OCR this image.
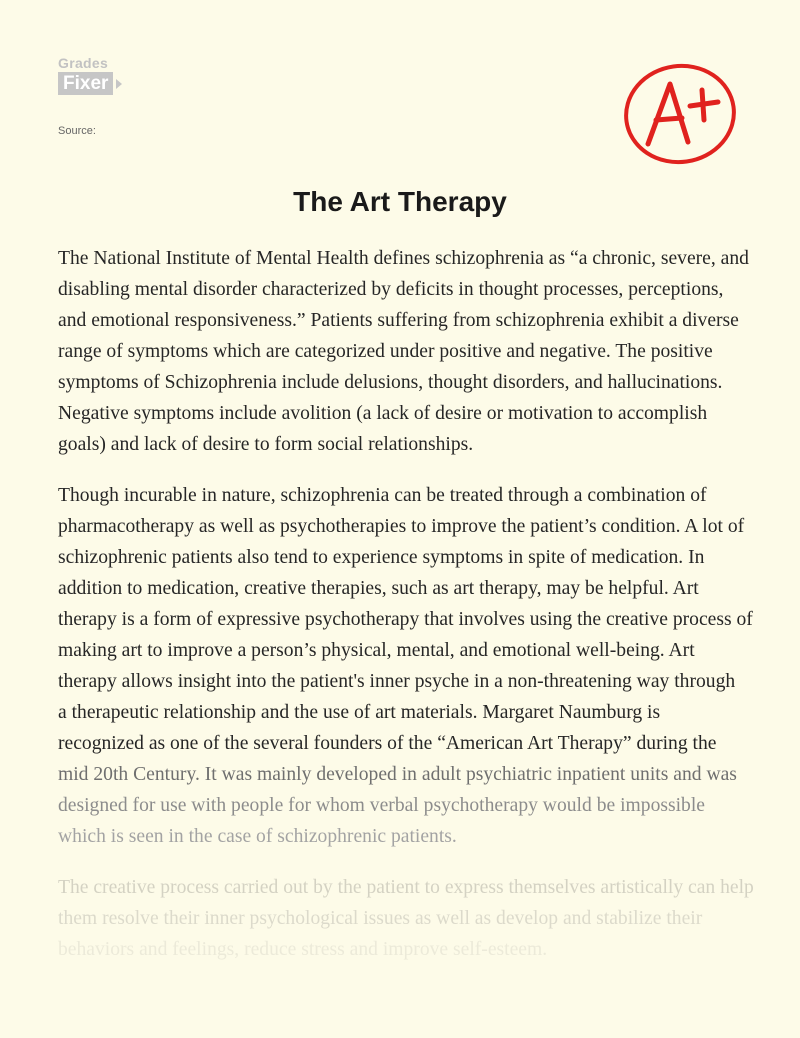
Grades
Fixer
Source:
The Art Therapy

The National Institute of Mental Health defines schizophrenia as “a chronic, severe, and
disabling mental disorder characterized by deficits in thought processes, perceptions,
and emotional responsiveness.” Patients suffering from schizophrenia exhibit a diverse
range of symptoms which are categorized under positive and negative. The positive
symptoms of Schizophrenia include delusions, thought disorders, and hallucinations.
Negative symptoms include avolition (a lack of desire or motivation to accomplish
goals) and lack of desire to form social relationships.

Though incurable in nature, schizophrenia can be treated through a combination of
pharmacotherapy as well as psychotherapies to improve the patient’s condition. A lot of
schizophrenic patients also tend to experience symptoms in spite of medication. In
addition to medication, creative therapies, such as art therapy, may be helpful. Art
therapy is a form of expressive psychotherapy that involves using the creative process of
making art to improve a person’s physical, mental, and emotional well-being. Art
therapy allows insight into the patient's inner psyche in a non-threatening way through
a therapeutic relationship and the use of art materials. Margaret Naumburg is
recognized as one of the several founders of the “American Art Therapy” during the
mid 20th Century. It was mainly developed in adult psychiatric inpatient units and was
designed for use with people for whom verbal psychotherapy would be impossible
which is seen in the case of schizophrenic patients.

The creative process carried out by the patient to express themselves artistically can help
them resolve their inner psychological issues as well as develop and stabilize their
behaviors and feelings, reduce stress and improve self-esteem.
